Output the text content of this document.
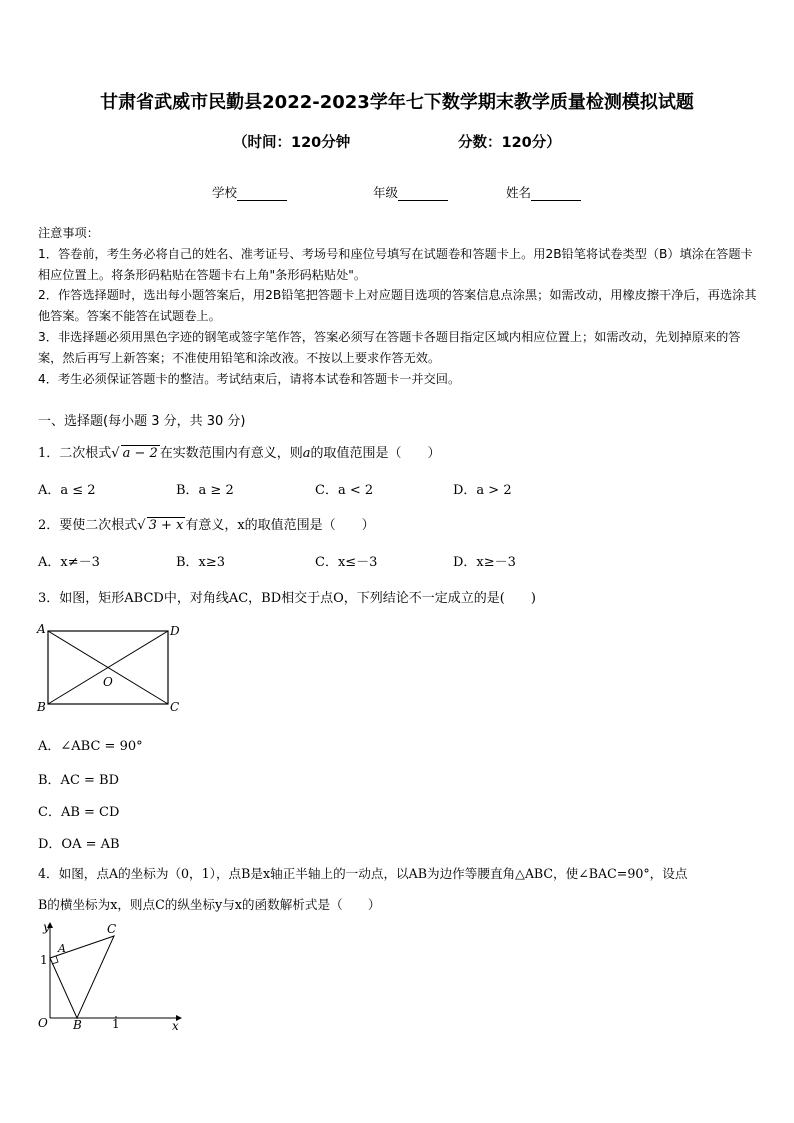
甘肃省武威市民勤县2022-2023学年七下数学期末教学质量检测模拟试题
（时间：120分钟	分数：120分）
学校	年级	姓名

注意事项：

1．答卷前，考生务必将自己的姓名、准考证号、考场号和座位号填写在试题卷和答题卡上。用2B铅笔将试卷类型（B）填涂在答题卡相应位置上。将条形码粘贴在答题卡右上角"条形码粘贴处"。

2．作答选择题时，选出每小题答案后，用2B铅笔把答题卡上对应题目选项的答案信息点涂黑；如需改动，用橡皮擦干净后，再选涂其他答案。答案不能答在试题卷上。

3．非选择题必须用黑色字迹的钢笔或签字笔作答，答案必须写在答题卡各题目指定区域内相应位置上；如需改动，先划掉原来的答案，然后再写上新答案；不准使用铅笔和涂改液。不按以上要求作答无效。

4．考生必须保证答题卡的整洁。考试结束后，请将本试卷和答题卡一并交回。

一、选择题(每小题 3 分，共 30 分)
1．二次根式√ a − 2 在实数范围内有意义，则a的取值范围是（　　）
A．a ≤ 2	B．a ≥ 2	C．a < 2	D．a > 2
2．要使二次根式√ 3 + x 有意义，x的取值范围是（　　）
A．x≠－3	B．x≥3	C．x≤－3	D．x≥－3
3．如图，矩形ABCD中，对角线AC，BD相交于点O，下列结论不一定成立的是(　　)
A	D
B	C
O
A．∠ABC = 90°
B．AC = BD
C．AB = CD
D．OA = AB
4．如图，点A的坐标为（0，1），点B是x轴正半轴上的一动点，以AB为边作等腰直角△ABC，使∠BAC=90°，设点
B的横坐标为x，则点C的纵坐标y与x的函数解析式是（　　）
y	C
A
1
O B	1	x
